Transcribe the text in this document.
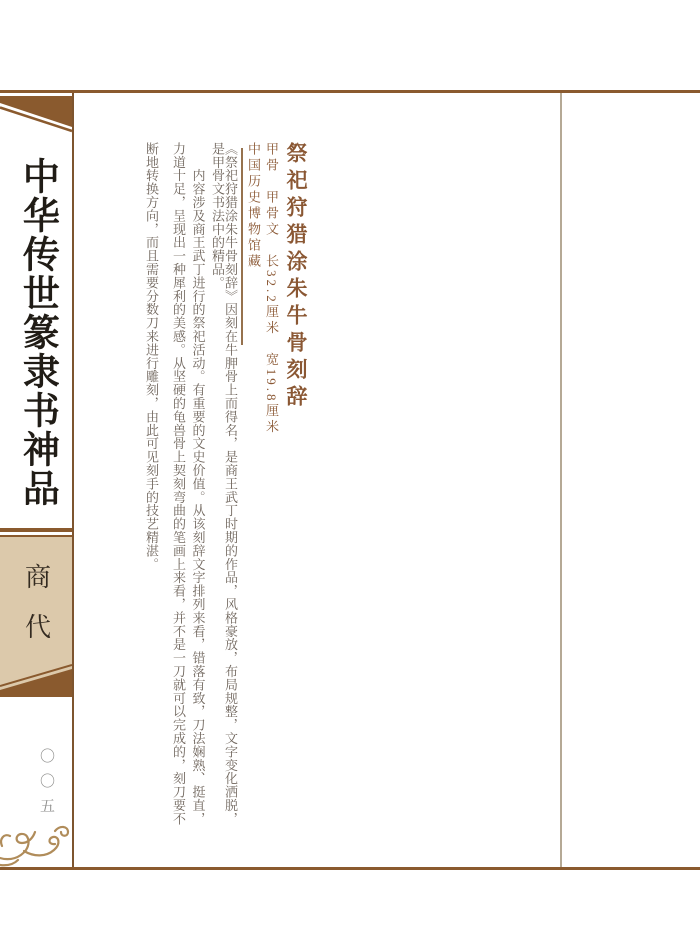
中华传世篆隶书神品
商代
〇〇五
祭祀狩猎涂朱牛骨刻辞
甲骨　甲骨文　长32.2厘米　宽19.8厘米
中国历史博物馆藏
《祭祀狩猎涂朱牛骨刻辞》因刻在牛胛骨上而得名，是商王武丁时期的作品，风格豪放，布局规整，文字变化洒脱，
是甲骨文书法中的精品。
　　内容涉及商王武丁进行的祭祀活动。有重要的文史价值。从该刻辞文字排列来看，错落有致，刀法娴熟、挺直，
力道十足，呈现出一种犀利的美感。从坚硬的龟兽骨上契刻弯曲的笔画上来看，并不是一刀就可以完成的，刻刀要不
断地转换方向，而且需要分数刀来进行雕刻，由此可见刻手的技艺精湛。
